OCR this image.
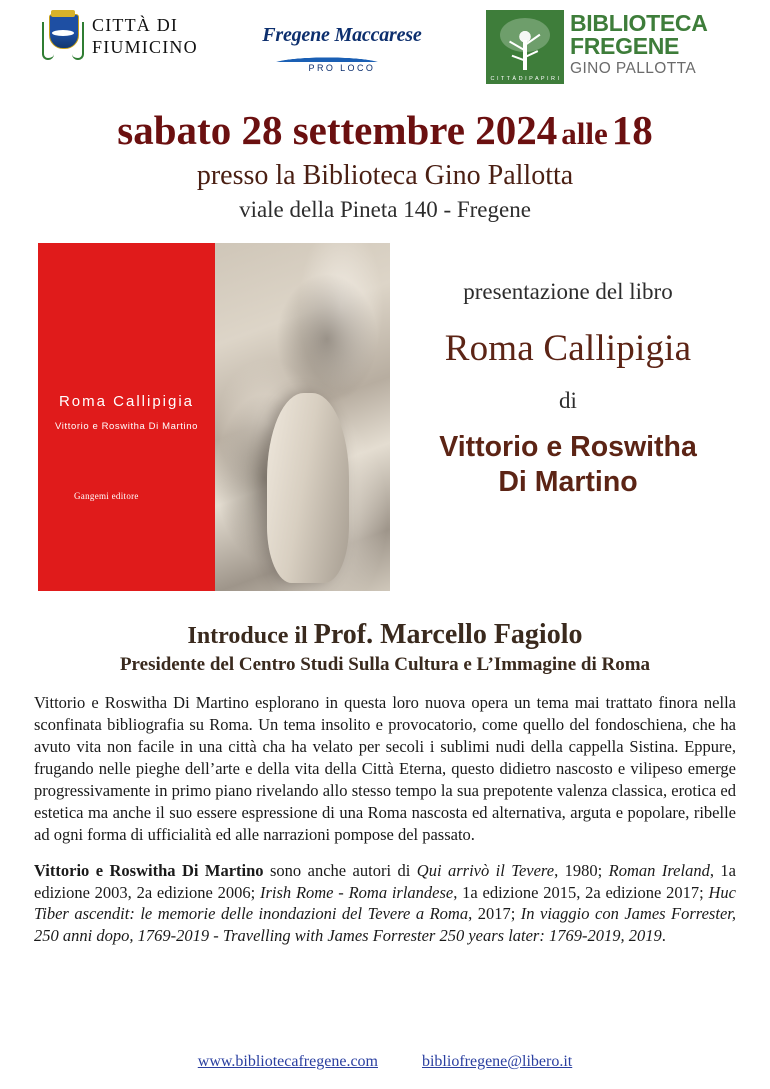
CITTÀ DI
FIUMICINO
Fregene Maccarese
PRO LOCO
C I T T À D I P A P I R I
BIBLIOTECA
FREGENE
GINO PALLOTTA
sabato 28 settembre 2024 alle 18
presso la Biblioteca Gino Pallotta
viale della Pineta 140 - Fregene
Roma Callipigia
Vittorio e Roswitha Di Martino
Gangemi editore
presentazione del libro
Roma Callipigia
di
Vittorio e Roswitha
Di Martino
Introduce il Prof. Marcello Fagiolo
Presidente del Centro Studi Sulla Cultura e L’Immagine di Roma

Vittorio e Roswitha Di Martino esplorano in questa loro nuova opera un tema mai trattato finora nella sconfinata bibliografia su Roma. Un tema insolito e provocatorio, come quello del fondoschiena, che ha avuto vita non facile in una città cha ha velato per secoli i sublimi nudi della cappella Sistina. Eppure, frugando nelle pieghe dell’arte e della vita della Città Eterna, questo didietro nascosto e vilipeso emerge progressivamente in primo piano rivelando allo stesso tempo la sua prepotente valenza classica, erotica ed estetica ma anche il suo essere espressione di una Roma nascosta ed alternativa, arguta e popolare, ribelle ad ogni forma di ufficialità ed alle narrazioni pompose del passato.

Vittorio e Roswitha Di Martino sono anche autori di Qui arrivò il Tevere, 1980; Roman Ireland, 1a edizione 2003, 2a edizione 2006; Irish Rome - Roma irlandese, 1a edizione 2015, 2a edizione 2017; Huc Tiber ascendit: le memorie delle inondazioni del Tevere a Roma, 2017; In viaggio con James Forrester, 250 anni dopo, 1769-2019 - Travelling with James Forrester 250 years later: 1769-2019, 2019.

www.bibliotecafregene.com	bibliofregene@libero.it
